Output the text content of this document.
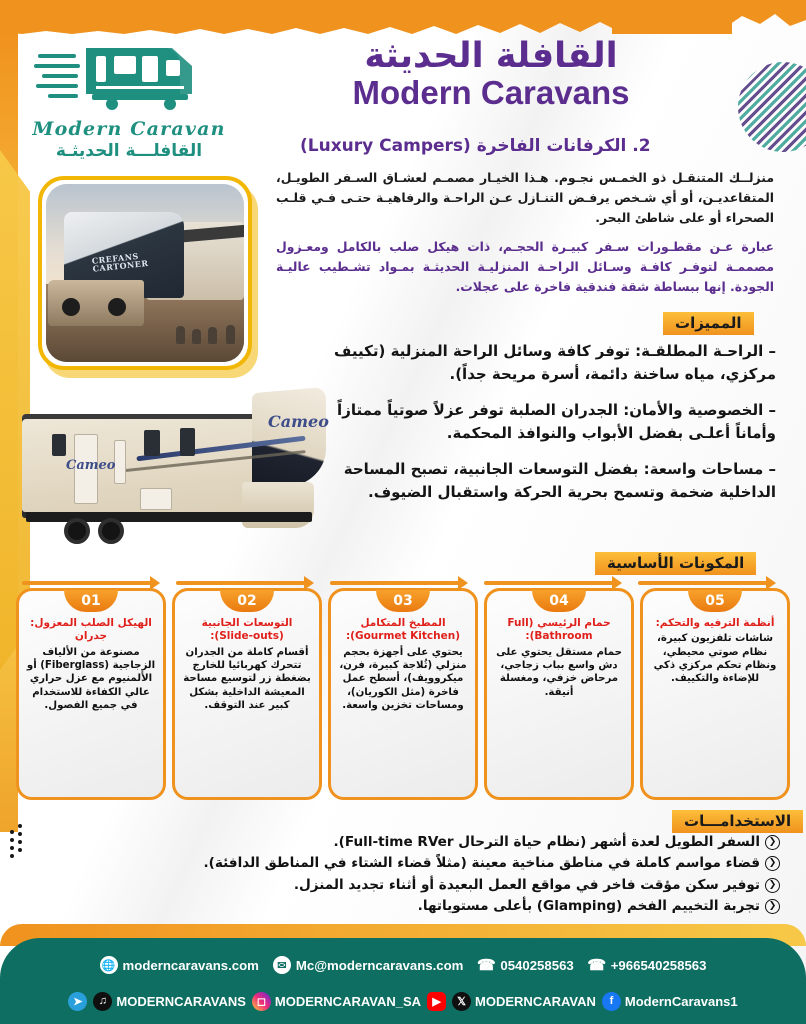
Modern Caravan
القافلـــة الحديثـة
القافلة الحديثة
Modern Caravans
2. الكرفانات الفاخرة (Luxury Campers)

منزلــك المتنقـل ذو الخمـس نجـوم. هـذا الخيـار مصمـم لعشـاق السـفر الطويـل، المتقاعديـن، أو أي شـخص يرفـض التنـازل عـن الراحـة والرفاهيـة حتـى فـي قلـب الصحراء أو على شاطئ البحر.

عبارة عـن مقطـورات سـفر كبيـرة الحجـم، ذات هيكل صلب بالكامل ومعـزول مصممـة لتوفـر كافـة وسـائل الراحـة المنزليـة الحديثـة بمـواد تشـطيب عاليـة الجودة. إنها ببساطة شقة فندقية فاخرة على عجلات.

CREFANS CARTONER
Cameo
Cameo
المميزات
– الراحـة المطلقـة: توفر كافة وسائل الراحة المنزلية (تكييف مركزي، مياه ساخنة دائمة، أسرة مريحة جداً).
– الخصوصية والأمان: الجدران الصلبة توفر عزلاً صوتياً ممتازاً وأماناً أعلـى بفضل الأبواب والنوافذ المحكمة.
– مساحات واسعة: بفضل التوسعات الجانبية، تصبح المساحة الداخلية ضخمة وتسمح بحرية الحركة واستقبال الضيوف.
المكونات الأساسية
05
أنظمة الترفيه والتحكم:
شاشات تلفزيون كبيرة، نظام صوتي محيطي، ونظام تحكم مركزي ذكي للإضاءة والتكييف.
04
حمام الرئيسي (Full Bathroom):
حمام مستقل يحتوي على دش واسع بباب زجاجي، مرحاض خزفي، ومغسلة أنيقة.
03
المطبخ المتكامل (Gourmet Kitchen):
يحتوي على أجهزة بحجم منزلي (ثُلاجة كبيرة، فرن، ميكروويف)، أسطح عمل فاخرة (مثل الكوريان)، ومساحات تخزين واسعة.
02
التوسعات الجانبية (Slide-outs):
أقسام كاملة من الجدران تتحرك كهربائيا للخارج بضغطة زر لتوسيع مساحة المعيشة الداخلية بشكل كبير عند التوقف.
01
الهيكل الصلب المعزول: جدران
مصنوعة من الألياف الزجاجية (Fiberglass) أو الألمنيوم مع عزل حراري عالي الكفاءة للاستخدام في جميع الفصول.
الاستخدامـــات
❮
السفر الطويل لعدة أشهر (نظام حياة الترحال Full-time RVer).
❮
قضاء مواسم كاملة في مناطق مناخية معينة (مثلاً قضاء الشتاء في المناطق الدافئة).
❮
توفير سكن مؤقت فاخر في مواقع العمل البعيدة أو أثناء تجديد المنزل.
❮
تجربة التخييم الفخم (Glamping) بأعلى مستوياتها.
☎ +966540258563
☎ 0540258563
✉ Mc@moderncaravans.com
🌐 moderncaravans.com
➤	♫ MODERNCARAVANS ◻ MODERNCARAVAN_SA	▶	𝕏 MODERNCARAVAN	f ModernCaravans1
